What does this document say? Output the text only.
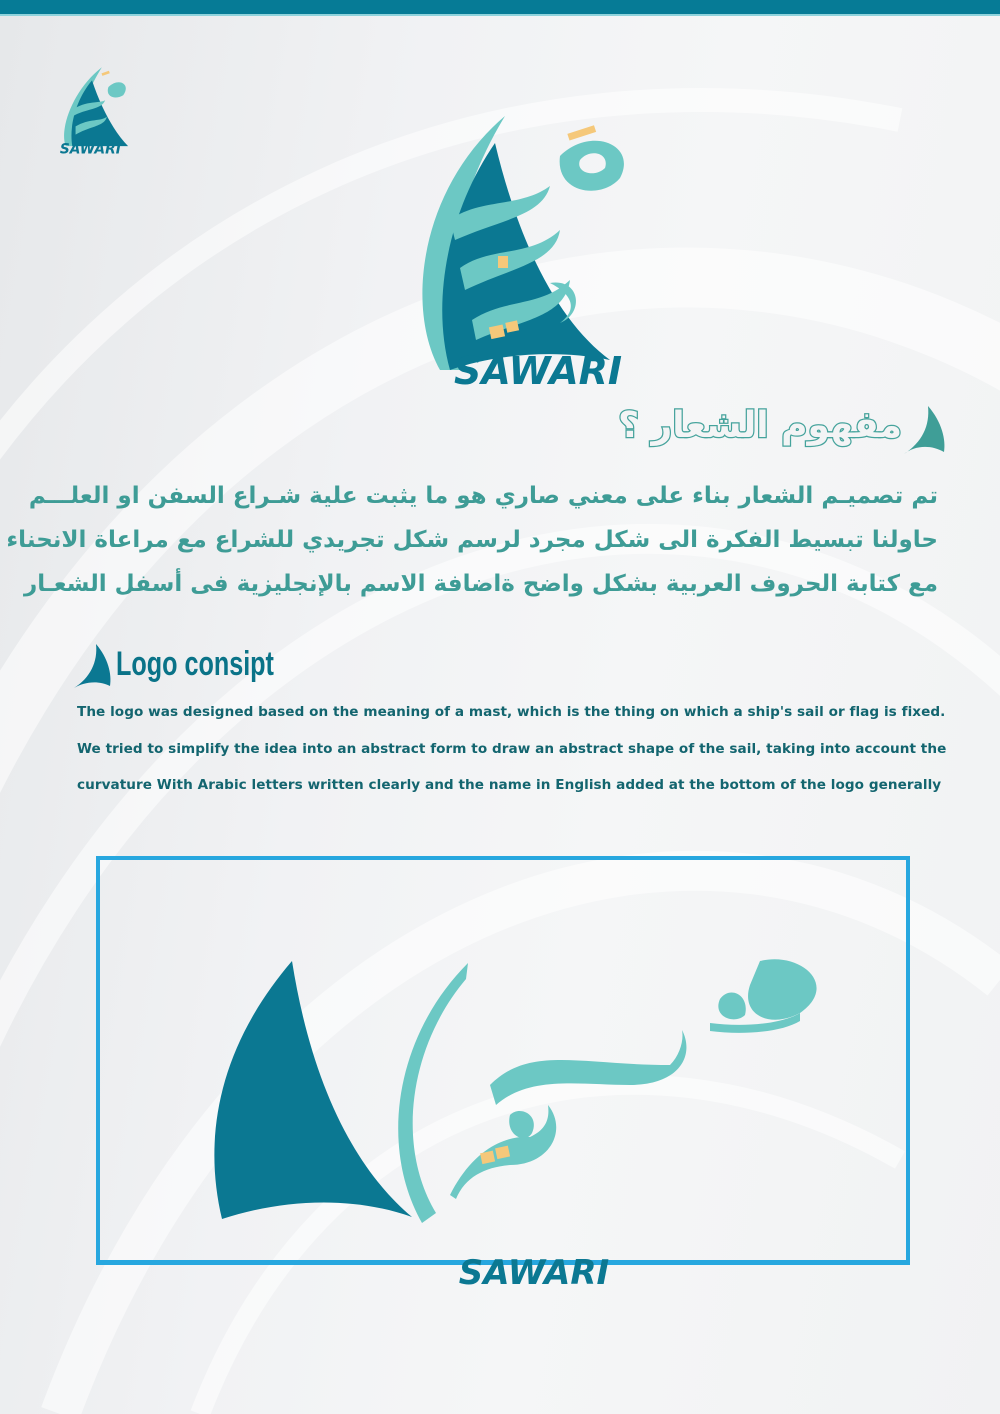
SAWARI
SAWARI
مفهوم الشعار ؟
تم تصميـم الشعار بناء على معني صاري هو ما يثبت علية شـراع السفن او العلـــم
حاولنا تبسيط الفكرة الى شكل مجرد لرسم شكل تجريدي للشراع مع مراعاة الانحناء
مع كتابة الحروف العربية بشكل واضح ةاضافة الاسم بالإنجليزية فى أسفل الشعـار
Logo consipt
The logo was designed based on the meaning of a mast, which is the thing on which a ship's sail or flag is fixed.
We tried to simplify the idea into an abstract form to draw an abstract shape of the sail, taking into account the
curvature With Arabic letters written clearly and the name in English added at the bottom of the logo generally
SAWARI
